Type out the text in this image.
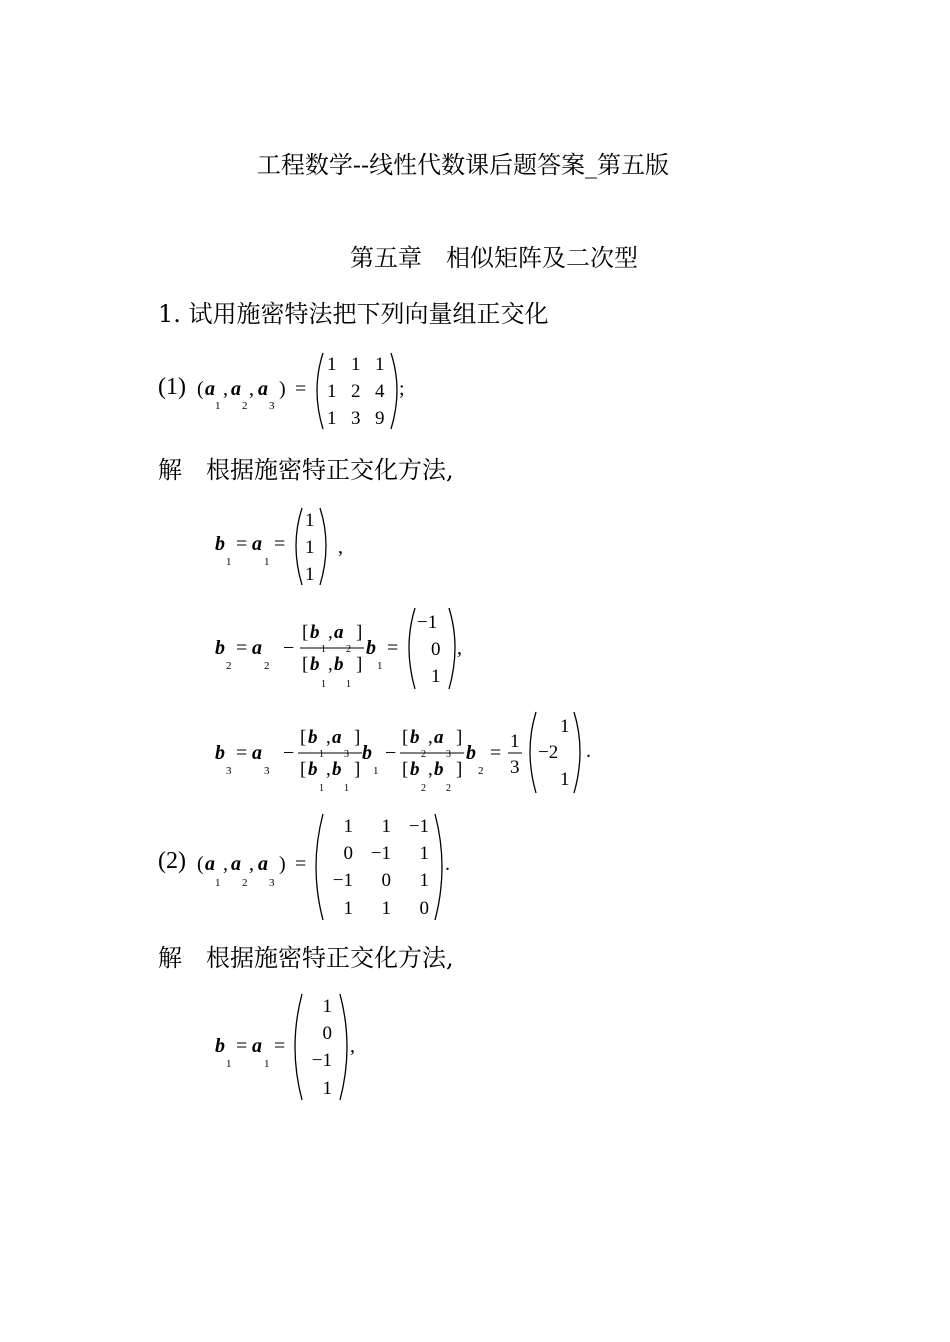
工程数学--线性代数课后题答案_第五版
第五章　相似矩阵及二次型
1. 试用施密特法把下列向量组正交化
(1) ( a
1
, a
2
, a
3
) =
1 1 1
1 2 4
1 3 9
;
解　根据施密特正交化方法,
b
1
= a
1
=
1
1
1
,
b
2
= a
2
−
[ b
1
, a
2
]
[ b
1
, b
1
]
b
1
=
−1
0
1
,
b
3
= a
3
−
[ b
1
, a
3
]
[ b
1
, b
1
]
b
1
−
[ b
2
, a
3
]
[ b
2
, b
2
]
b
2
=
1
3
1
−2
1
.
(2) ( a
1
, a
2
, a
3
) =
1 1 −1
0 −1 1
−1 0 1
1 1 0
.
解　根据施密特正交化方法,
b
1
= a
1
=
1
0
−1
1
,
